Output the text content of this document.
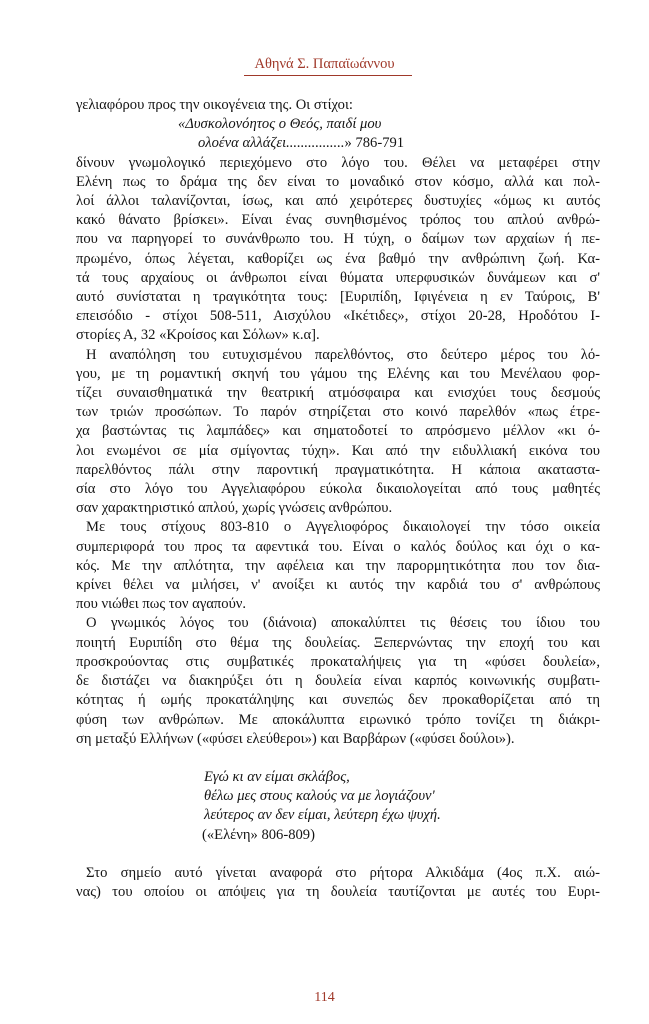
Αθηνά Σ. Παπαϊωάννου
γελιαφόρου προς την οικογένεια της. Οι στίχοι:
«Δυσκολονόητος ο Θεός, παιδί μου
ολοένα αλλάζει................» 786-791
δίνουν γνωμολογικό περιεχόμενο στο λόγο του. Θέλει να μεταφέρει στην
Ελένη πως το δράμα της δεν είναι το μοναδικό στον κόσμο, αλλά και πολ-
λοί άλλοι ταλανίζονται, ίσως, και από χειρότερες δυστυχίες «όμως κι αυτός
κακό θάνατο βρίσκει». Είναι ένας συνηθισμένος τρόπος του απλού ανθρώ-
που να παρηγορεί το συνάνθρωπο του. Η τύχη, ο δαίμων των αρχαίων ή πε-
πρωμένο, όπως λέγεται, καθορίζει ως ένα βαθμό την ανθρώπινη ζωή. Κα-
τά τους αρχαίους οι άνθρωποι είναι θύματα υπερφυσικών δυνάμεων και σ'
αυτό συνίσταται η τραγικότητα τους: [Ευριπίδη, Ιφιγένεια η εν Ταύροις, Β'
επεισόδιο - στίχοι 508-511, Αισχύλου «Ικέτιδες», στίχοι 20-28, Ηροδότου Ι-
στορίες Α, 32 «Κροίσος και Σόλων» κ.α].
Η αναπόληση του ευτυχισμένου παρελθόντος, στο δεύτερο μέρος του λό-
γου, με τη ρομαντική σκηνή του γάμου της Ελένης και του Μενέλαου φορ-
τίζει συναισθηματικά την θεατρική ατμόσφαιρα και ενισχύει τους δεσμούς
των τριών προσώπων. Το παρόν στηρίζεται στο κοινό παρελθόν «πως έτρε-
χα βαστώντας τις λαμπάδες» και σηματοδοτεί το απρόσμενο μέλλον «κι ό-
λοι ενωμένοι σε μία σμίγοντας τύχη». Και από την ειδυλλιακή εικόνα του
παρελθόντος πάλι στην παροντική πραγματικότητα. Η κάποια ακαταστα-
σία στο λόγο του Αγγελιαφόρου εύκολα δικαιολογείται από τους μαθητές
σαν χαρακτηριστικό απλού, χωρίς γνώσεις ανθρώπου.
Με τους στίχους 803-810 ο Αγγελιοφόρος δικαιολογεί την τόσο οικεία
συμπεριφορά του προς τα αφεντικά του. Είναι ο καλός δούλος και όχι ο κα-
κός. Με την απλότητα, την αφέλεια και την παρορμητικότητα που τον δια-
κρίνει θέλει να μιλήσει, ν' ανοίξει κι αυτός την καρδιά του σ' ανθρώπους
που νιώθει πως τον αγαπούν.
Ο γνωμικός λόγος του (διάνοια) αποκαλύπτει τις θέσεις του ίδιου του
ποιητή Ευριπίδη στο θέμα της δουλείας. Ξεπερνώντας την εποχή του και
προσκρούοντας στις συμβατικές προκαταλήψεις για τη «φύσει δουλεία»,
δε διστάζει να διακηρύξει ότι η δουλεία είναι καρπός κοινωνικής συμβατι-
κότητας ή ωμής προκατάληψης και συνεπώς δεν προκαθορίζεται από τη
φύση των ανθρώπων. Με αποκάλυπτα ειρωνικό τρόπο τονίζει τη διάκρι-
ση μεταξύ Ελλήνων («φύσει ελεύθεροι») και Βαρβάρων («φύσει δούλοι»).
Εγώ κι αν είμαι σκλάβος,
θέλω μες στους καλούς να με λογιάζουν'
λεύτερος αν δεν είμαι, λεύτερη έχω ψυχή.
(«Ελένη» 806-809)
Στο σημείο αυτό γίνεται αναφορά στο ρήτορα Αλκιδάμα (4ος π.Χ. αιώ-
νας) του οποίου οι απόψεις για τη δουλεία ταυτίζονται με αυτές του Ευρι-
114
